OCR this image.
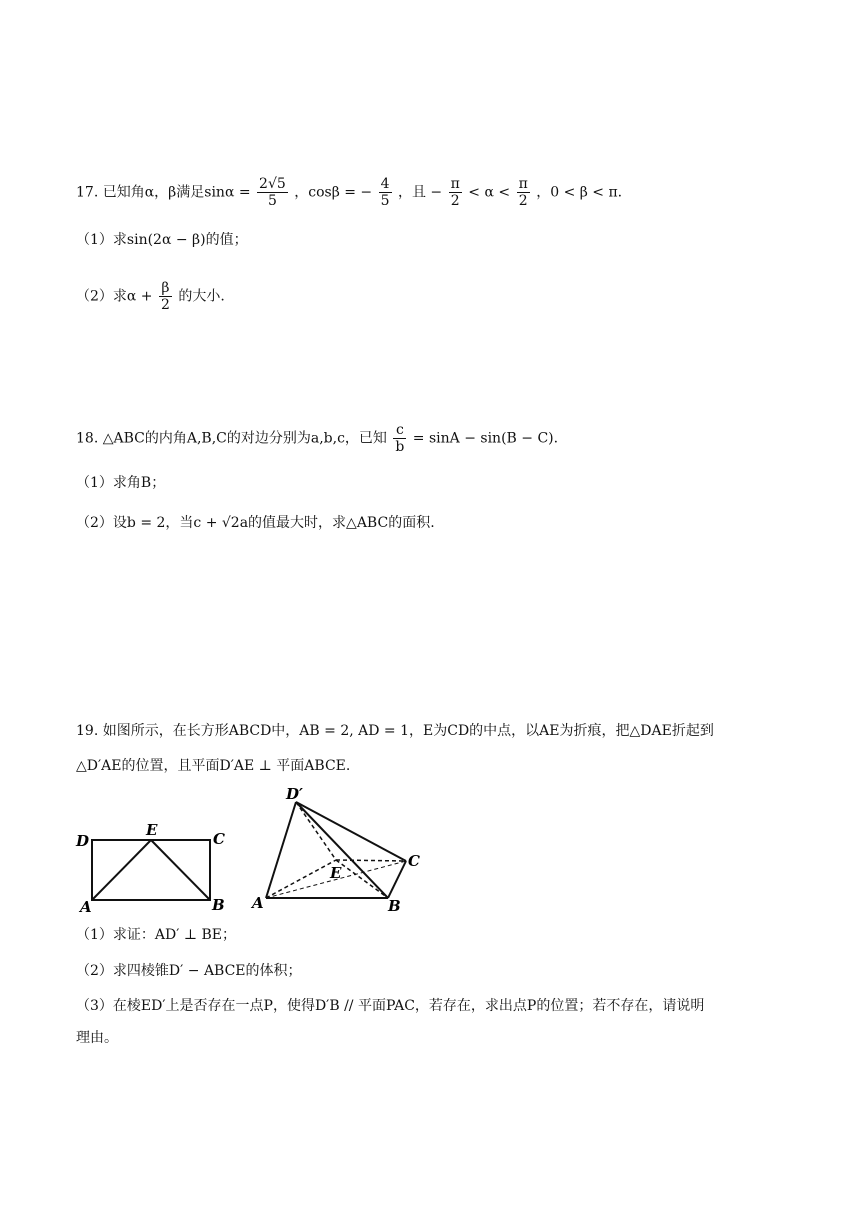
17. 已知角α，β满足$\sin\alpha = \frac{2√5}{5}$ ，cosβ = − $\frac{4}{5}$ ，且 − $\frac{\pi}{2} < \alpha < \frac{\pi}{2}$ ，0 < β < π.
（1）求sin(2α − β)的值；
（2）求$\alpha + \frac{\beta}{2}$ 的大小.
18. △ABC的内角A,B,C的对边分别为a,b,c，已知 $\frac{c}{b} = \sin A - \sin(B - C)$.
（1）求角B；
（2）设b = 2，当c + √2a的值最大时，求△ABC的面积.
19. 如图所示，在长方形ABCD中，AB = 2, AD = 1，E为CD的中点，以AE为折痕，把△DAE折起到
△D′AE的位置，且平面D′AE ⊥ 平面ABCE.
D
E	C
A	B
D′
E
C
A	B
（1）求证：AD′ ⊥ BE；
（2）求四棱锥D′ − ABCE的体积；
（3）在棱ED′上是否存在一点P，使得D′B // 平面PAC，若存在，求出点P的位置；若不存在，请说明
理由。
